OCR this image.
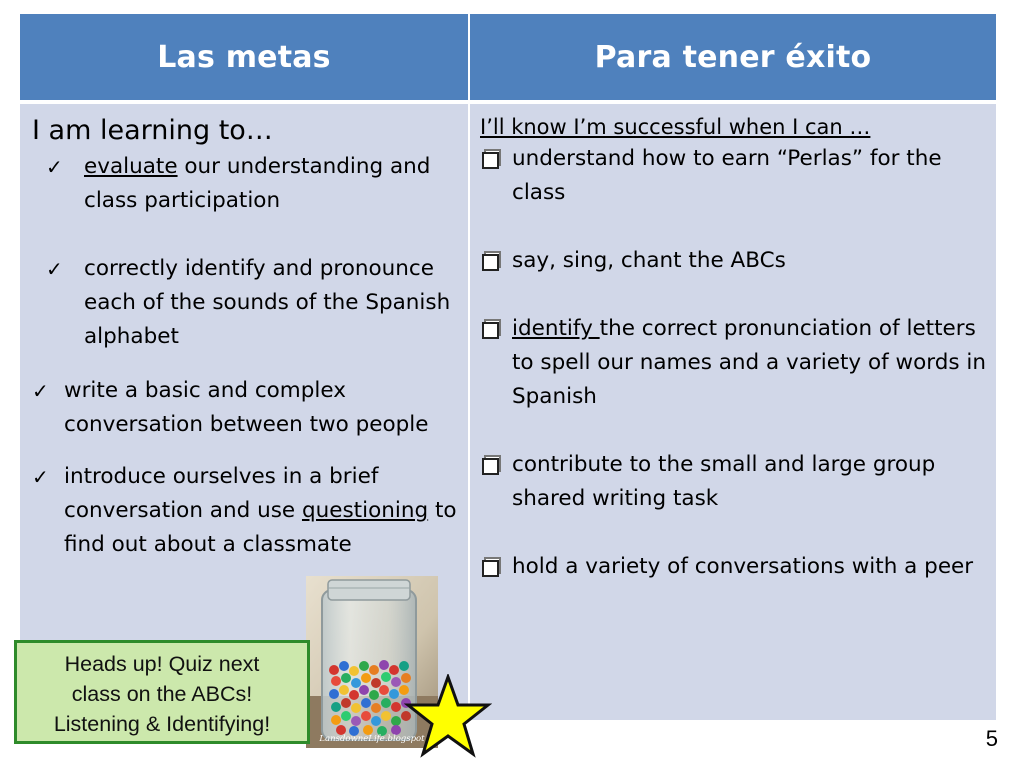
Las metas	Para tener éxito
I am learning to…
✓ evaluate our understanding and class participation
✓ correctly identify and pronounce each of the sounds of the Spanish alphabet
✓ write a basic and complex conversation between two people
✓ introduce ourselves in a brief conversation and use questioning to find out about a classmate
I’ll know I’m successful when I can …
understand how to earn “Perlas” for the class
say, sing, chant the ABCs
identify the correct pronunciation of letters to spell our names and a variety of words in Spanish
contribute to the small and large group shared writing task
hold a variety of conversations with a peer
LansdowneLife.blogspot
Heads up! Quiz next
class on the ABCs!
Listening & Identifying!
5
